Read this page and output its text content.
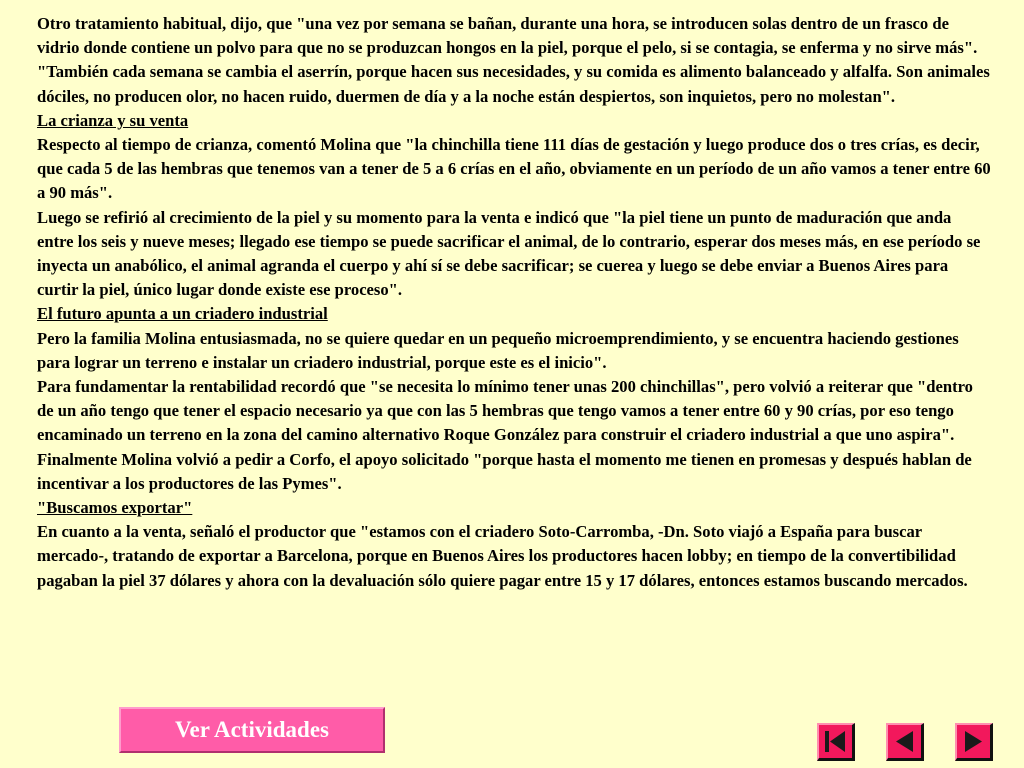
Otro tratamiento habitual, dijo, que "una vez por semana se bañan, durante una hora, se introducen solas dentro de un frasco de vidrio donde contiene un polvo para que no se produzcan hongos en la piel, porque el pelo, si se contagia, se enferma y no sirve más".

"También cada semana se cambia el aserrín, porque hacen sus necesidades, y su comida es alimento balanceado y alfalfa. Son animales dóciles, no producen olor, no hacen ruido, duermen de día y a la noche están despiertos, son inquietos, pero no molestan".

La crianza y su venta

Respecto al tiempo de crianza, comentó Molina que "la chinchilla tiene 111 días de gestación y luego produce dos o tres crías, es decir, que cada 5 de las hembras que tenemos van a tener de 5 a 6 crías en el año, obviamente en un período de un año vamos a tener entre 60 a 90 más".

Luego se refirió al crecimiento de la piel y su momento para la venta e indicó que "la piel tiene un punto de maduración que anda entre los seis y nueve meses; llegado ese tiempo se puede sacrificar el animal, de lo contrario, esperar dos meses más, en ese período se inyecta un anabólico, el animal agranda el cuerpo y ahí sí se debe sacrificar; se cuerea y luego se debe enviar a Buenos Aires para curtir la piel, único lugar donde existe ese proceso".

El futuro apunta a un criadero industrial

Pero la familia Molina entusiasmada, no se quiere quedar en un pequeño microemprendimiento, y se encuentra haciendo gestiones para lograr un terreno e instalar un criadero industrial, porque este es el inicio".

Para fundamentar la rentabilidad recordó que "se necesita lo mínimo tener unas 200 chinchillas", pero volvió a reiterar que "dentro de un año tengo que tener el espacio necesario ya que con las 5 hembras que tengo vamos a tener entre 60 y 90 crías, por eso tengo encaminado un terreno en la zona del camino alternativo Roque González para construir el criadero industrial a que uno aspira".

Finalmente Molina volvió a pedir a Corfo, el apoyo solicitado "porque hasta el momento me tienen en promesas y después hablan de incentivar a los productores de las Pymes".

"Buscamos exportar"

En cuanto a la venta, señaló el productor que "estamos con el criadero Soto-Carromba, -Dn. Soto viajó a España para buscar mercado-, tratando de exportar a Barcelona, porque en Buenos Aires los productores hacen lobby; en tiempo de la convertibilidad pagaban la piel 37 dólares y ahora con la devaluación sólo quiere pagar entre 15 y 17 dólares, entonces estamos buscando mercados.

Ver Actividades
